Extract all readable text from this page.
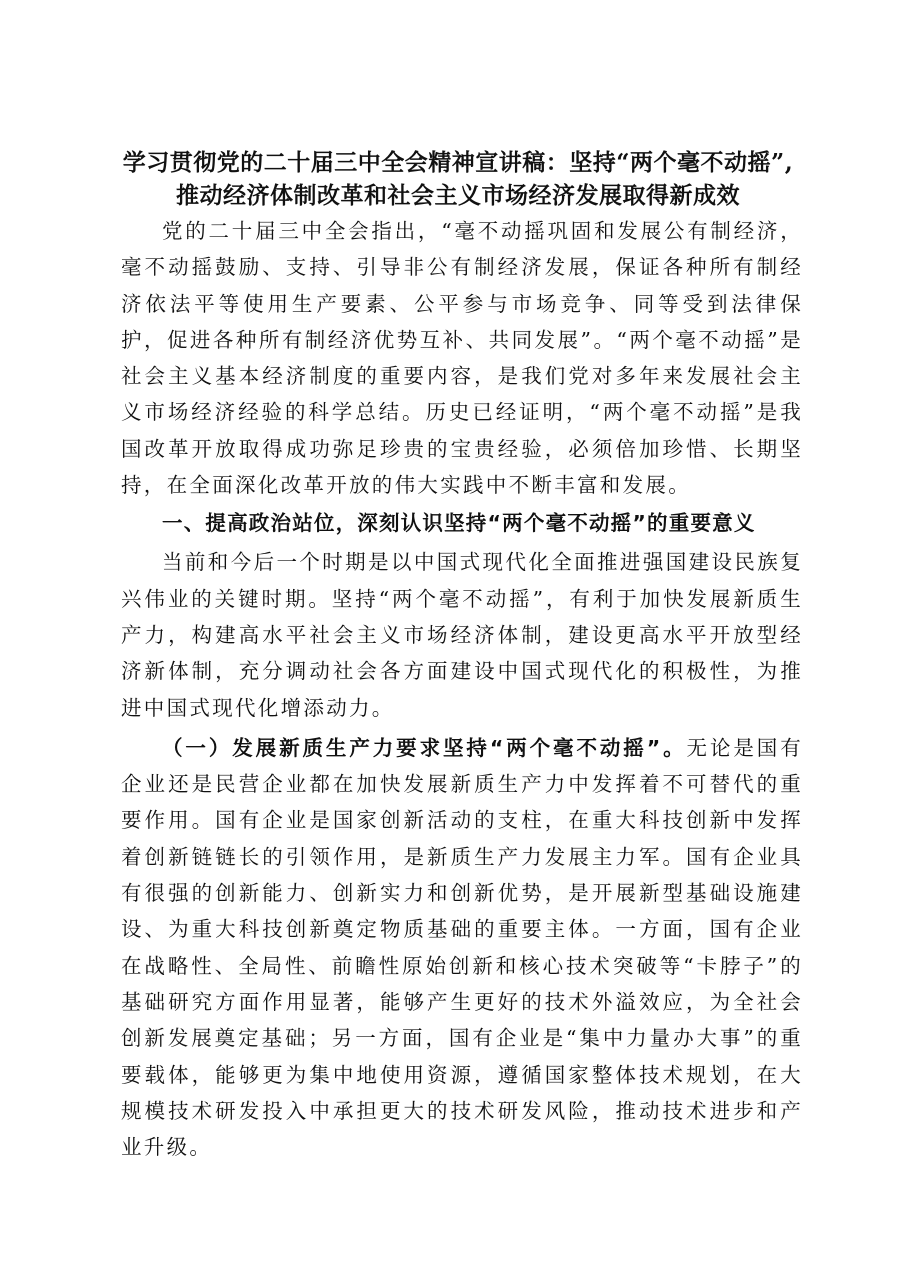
学习贯彻党的二十届三中全会精神宣讲稿：坚持“两个毫不动摇”,推动经济体制改革和社会主义市场经济发展取得新成效

党的二十届三中全会指出，“毫不动摇巩固和发展公有制经济，毫不动摇鼓励、支持、引导非公有制经济发展，保证各种所有制经济依法平等使用生产要素、公平参与市场竞争、同等受到法律保护，促进各种所有制经济优势互补、共同发展”。“两个毫不动摇”是社会主义基本经济制度的重要内容，是我们党对多年来发展社会主义市场经济经验的科学总结。历史已经证明，“两个毫不动摇”是我国改革开放取得成功弥足珍贵的宝贵经验，必须倍加珍惜、长期坚持，在全面深化改革开放的伟大实践中不断丰富和发展。

一、提高政治站位，深刻认识坚持“两个毫不动摇”的重要意义

当前和今后一个时期是以中国式现代化全面推进强国建设民族复兴伟业的关键时期。坚持“两个毫不动摇”，有利于加快发展新质生产力，构建高水平社会主义市场经济体制，建设更高水平开放型经济新体制，充分调动社会各方面建设中国式现代化的积极性，为推进中国式现代化增添动力。

（一）发展新质生产力要求坚持“两个毫不动摇”。无论是国有企业还是民营企业都在加快发展新质生产力中发挥着不可替代的重要作用。国有企业是国家创新活动的支柱，在重大科技创新中发挥着创新链链长的引领作用，是新质生产力发展主力军。国有企业具有很强的创新能力、创新实力和创新优势，是开展新型基础设施建设、为重大科技创新奠定物质基础的重要主体。一方面，国有企业在战略性、全局性、前瞻性原始创新和核心技术突破等“卡脖子”的基础研究方面作用显著，能够产生更好的技术外溢效应，为全社会创新发展奠定基础；另一方面，国有企业是“集中力量办大事”的重要载体，能够更为集中地使用资源，遵循国家整体技术规划，在大规模技术研发投入中承担更大的技术研发风险，推动技术进步和产业升级。
